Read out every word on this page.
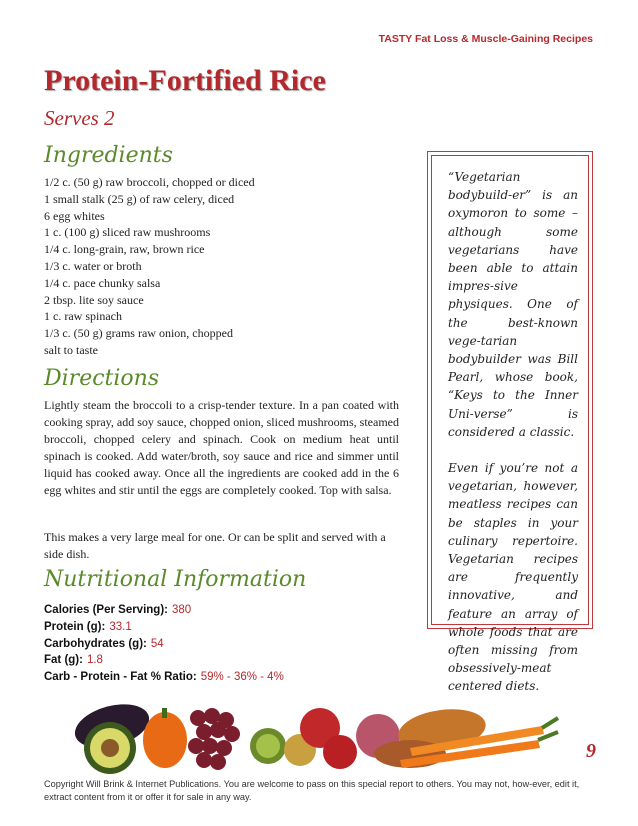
TASTY Fat Loss & Muscle-Gaining Recipes
Protein-Fortified Rice
Serves 2
Ingredients
1/2 c. (50 g) raw broccoli, chopped or diced
1 small stalk (25 g) of raw celery, diced
6 egg whites
1 c. (100 g) sliced raw mushrooms
1/4 c. long-grain, raw, brown rice
1/3 c. water or broth
1/4 c. pace chunky salsa
2 tbsp. lite soy sauce
1 c. raw spinach
1/3 c. (50 g) grams raw onion, chopped
salt to taste
Directions

Lightly steam the broccoli to a crisp-tender texture. In a pan coated with cooking spray, add soy sauce, chopped onion, sliced mushrooms, steamed broccoli, chopped celery and spinach. Cook on medium heat until spinach is cooked. Add water/broth, soy sauce and rice and simmer until liquid has cooked away. Once all the ingredients are cooked add in the 6 egg whites and stir until the eggs are completely cooked. Top with salsa.

This makes a very large meal for one. Or can be split and served with a side dish.

Nutritional Information
Calories (Per Serving): 380
Protein (g): 33.1
Carbohydrates (g): 54
Fat (g): 1.8
Carb - Protein - Fat % Ratio: 59% - 36% - 4%

“Vegetarian bodybuild-er” is an oxymoron to some – although some vegetarians have been able to attain impres-sive physiques. One of the best-known vege-tarian bodybuilder was Bill Pearl, whose book, “Keys to the Inner Uni-verse” is considered a classic.

Even if you’re not a vegetarian, however, meatless recipes can be staples in your culinary repertoire. Vegetarian recipes are frequently innovative, and feature an array of whole foods that are often missing from obsessively-meat centered diets.

9

Copyright Will Brink & Internet Publications. You are welcome to pass on this special report to others. You may not, how-ever, edit it, extract content from it or offer it for sale in any way.
